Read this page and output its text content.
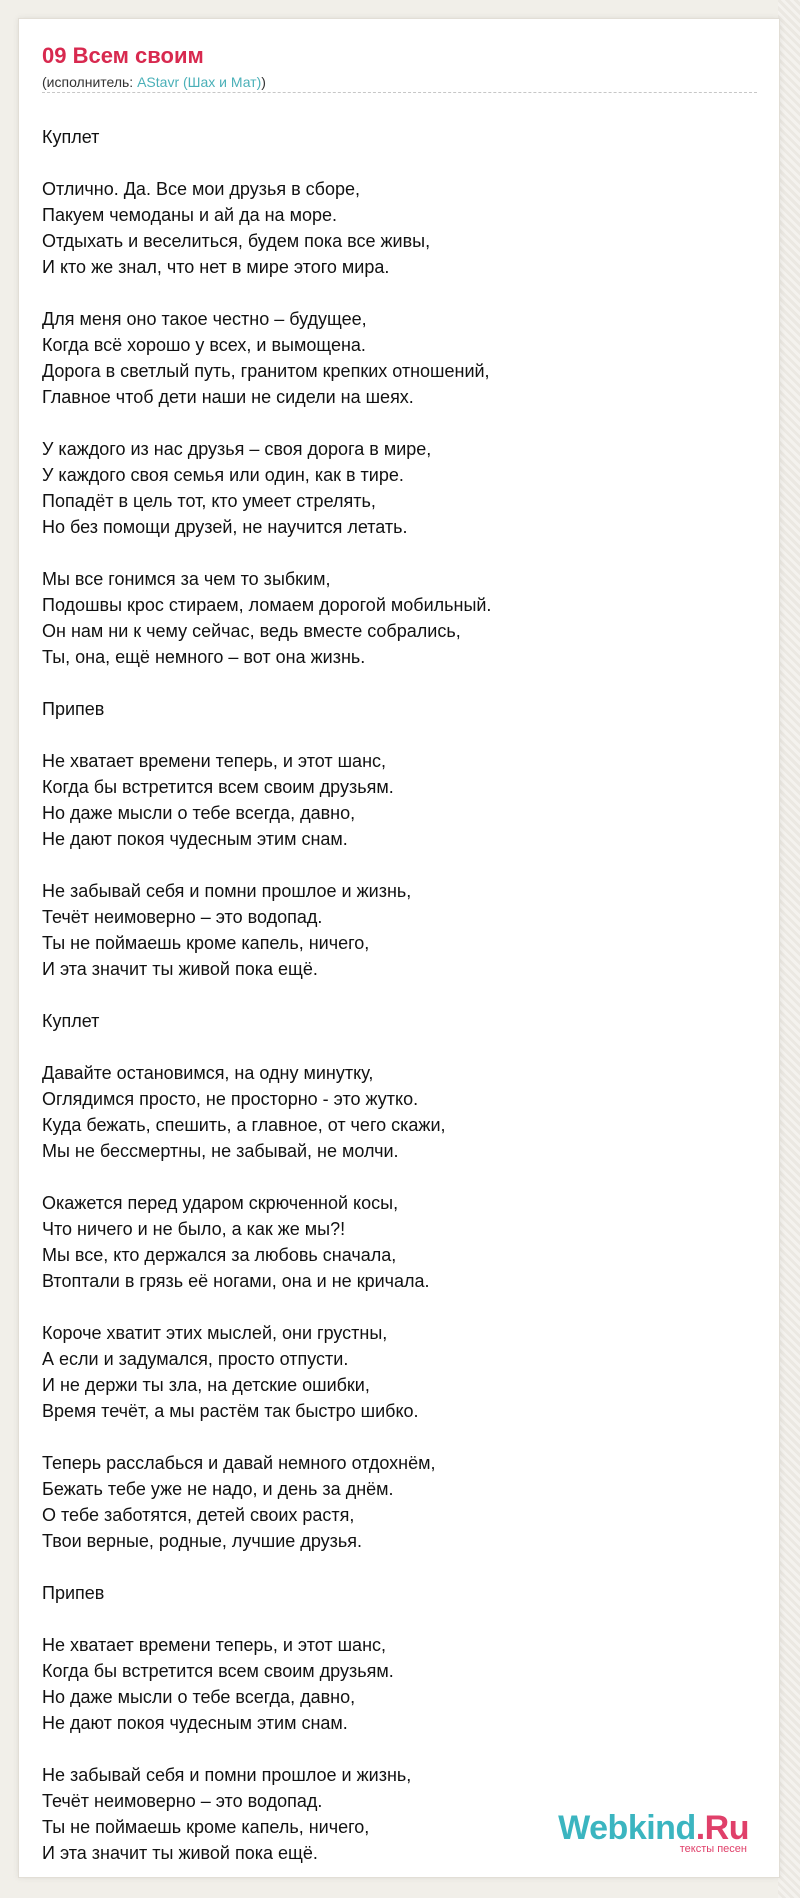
09 Всем своим
(исполнитель: AStavr (Шах и Мат))
Куплет
Отлично. Да. Все мои друзья в сборе,
Пакуем чемоданы и ай да на море.
Отдыхать и веселиться, будем пока все живы,
И кто же знал, что нет в мире этого мира.
Для меня оно такое честно – будущее,
Когда всё хорошо у всех, и вымощена.
Дорога в светлый путь, гранитом крепких отношений,
Главное чтоб дети наши не сидели на шеях.
У каждого из нас друзья – своя дорога в мире,
У каждого своя семья или один, как в тире.
Попадёт в цель тот, кто умеет стрелять,
Но без помощи друзей, не научится летать.
Мы все гонимся за чем то зыбким,
Подошвы крос стираем, ломаем дорогой мобильный.
Он нам ни к чему сейчас, ведь вместе собрались,
Ты, она, ещё немного – вот она жизнь.
Припев
Не хватает времени теперь, и этот шанс,
Когда бы встретится всем своим друзьям.
Но даже мысли о тебе всегда, давно,
Не дают покоя чудесным этим снам.
Не забывай себя и помни прошлое и жизнь,
Течёт неимоверно – это водопад.
Ты не поймаешь кроме капель, ничего,
И эта значит ты живой пока ещё.
Куплет
Давайте остановимся, на одну минутку,
Оглядимся просто, не просторно - это жутко.
Куда бежать, спешить, а главное, от чего скажи,
Мы не бессмертны, не забывай, не молчи.
Окажется перед ударом скрюченной косы,
Что ничего и не было, а как же мы?!
Мы все, кто держался за любовь сначала,
Втоптали в грязь её ногами, она и не кричала.
Короче хватит этих мыслей, они грустны,
А если и задумался, просто отпусти.
И не держи ты зла, на детские ошибки,
Время течёт, а мы растём так быстро шибко.
Теперь расслабься и давай немного отдохнём,
Бежать тебе уже не надо, и день за днём.
О тебе заботятся, детей своих растя,
Твои верные, родные, лучшие друзья.
Припев
Не хватает времени теперь, и этот шанс,
Когда бы встретится всем своим друзьям.
Но даже мысли о тебе всегда, давно,
Не дают покоя чудесным этим снам.
Не забывай себя и помни прошлое и жизнь,
Течёт неимоверно – это водопад.
Ты не поймаешь кроме капель, ничего,
И эта значит ты живой пока ещё.
Webkind.Ru
тексты песен
